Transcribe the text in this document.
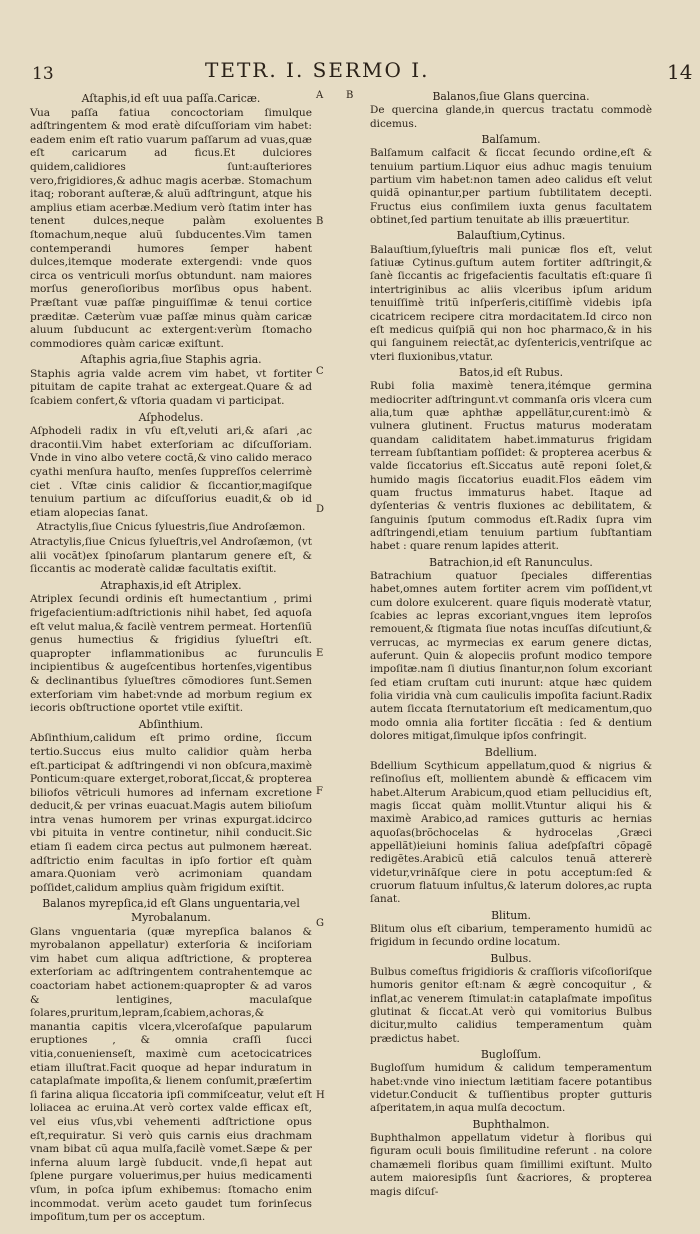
13	TETR. I. SERMO I.	14
A B
B
C
D
E
F
G
H
Aſtaphis,id eſt uua paſſa.Caricæ.

Vua paſſa fatiua concoctoriam ſimulque adſtringentem & mod eratè diſcuſſoriam vim habet: eadem enim eſt ratio vuarum paſſarum ad vuas,quæ eſt caricarum ad ficus.Et dulciores quidem,calidiores ſunt:auſteriores vero,frigidiores,& adhuc magis acerbæ. Stomachum itaq; roborant auſteræ,& aluũ adſtringunt, atque his amplius etiam acerbæ.Medium verò ſtatim inter has tenent dulces,neque palàm exoluentes ſtomachum,neque aluũ ſubducentes.Vim tamen contemperandi humores ſemper habent dulces,itemque moderate extergendi: vnde quos circa os ventriculi morſus obtundunt. nam maiores morſus generoſioribus morſibus opus habent. Præſtant vuæ paſſæ pinguiſſimæ & tenui cortice præditæ. Cæterùm vuæ paſſæ minus quàm caricæ aluum ſubducunt ac extergent:verùm ſtomacho commodiores quàm caricæ exiſtunt.

Aſtaphis agria,ſiue Staphis agria.

Staphis agria valde acrem vim habet, vt fortiter pituitam de capite trahat ac extergeat.Quare & ad ſcabiem confert,& vſtoria quadam vi participat.

Aſphodelus.

Aſphodeli radix in vſu eſt,veluti ari,& aſari ,ac dracontii.Vim habet exterſoriam ac diſcuſſoriam. Vnde in vino albo vetere coctã,& vino calido meraco cyathi menſura hauſto, menſes ſuppreſſos celerrimè ciet . Vſtæ cinis calidior & ſiccantior,magiſque tenuium partium ac diſcuſſorius euadit,& ob id etiam alopecias ſanat.

Atractylis,ſiue Cnicus ſyluestris,ſiue Androſæmon.

Atractylis,ſiue Cnicus ſylueſtris,vel Androſæmon, (vt alii vocãt)ex ſpinoſarum plantarum genere eſt, & ſiccantis ac moderatè calidæ facultatis exiſtit.

Atraphaxis,id eſt Atriplex.

Atriplex ſecundi ordinis eſt humectantium , primi frigefacientium:adſtrictionis nihil habet, ſed aquoſa eſt velut malua,& facilè ventrem permeat. Hortenſiũ genus humectius & frigidius ſylueſtri eſt. quapropter inflammationibus ac furunculis incipientibus & augeſcentibus hortenſes,vigentibus & declinantibus ſylueſtres cõmodiores ſunt.Semen exterſoriam vim habet:vnde ad morbum regium ex iecoris obſtructione oportet vtile exiſtit.

Abſinthium.

Abſinthium,calidum eſt primo ordine, ſiccum tertio.Succus eius multo calidior quàm herba eſt.participat & adſtringendi vi non obſcura,maximè Ponticum:quare exterget,roborat,ſiccat,& propterea biliofos vẽtriculi humores ad infernam excretione deducit,& per vrinas euacuat.Magis autem bilioſum intra venas humorem per vrinas expurgat.idcirco vbi pituita in ventre continetur, nihil conducit.Sic etiam ſi eadem circa pectus aut pulmonem hæreat. adſtrictio enim facultas in ipſo fortior eſt quàm amara.Quoniam verò acrimoniam quandam poſſidet,calidum amplius quàm frigidum exiſtit.

Balanos myrepſica,id eſt Glans unguentaria,vel Myrobalanum.

Glans vnguentaria (quæ myrepſica balanos & myrobalanon appellatur) exterſoria & inciſoriam vim habet cum aliqua adſtrictione, & propterea exterſoriam ac adſtringentem contrahentemque ac coactoriam habet actionem:quapropter & ad varos & lentigines, maculaſque ſolares,pruritum,lepram,ſcabiem,achoras,& manantia capitis vlcera,vlceroſaſque papularum eruptiones , & omnia craſſi ſucci vitia,conuenienseſt, maximè cum acetocicatrices etiam illuſtrat.Facit quoque ad hepar induratum in cataplaſmate impoſita,& lienem conſumit,præſertim ſi farina aliqua ſiccatoria ipſi commiſceatur, velut eſt loliacea ac eruina.At verò cortex valde efficax eſt, vel eius vſus,vbi vehementi adſtrictione opus eſt,requiratur. Si verò quis carnis eius drachmam vnam bibat cũ aqua mulſa,facilè vomet.Sæpe & per inferna aluum largè ſubducit. vnde,ſi hepat aut ſplene purgare voluerimus,per huius medicamenti vſum, in poſca ipſum exhibemus: ſtomacho enim incommodat. verùm aceto gaudet tum forinſecus impoſitum,tum per os acceptum.

Balanos,ſiue Glans quercina.

De quercina glande,in quercus tractatu commodè dicemus.

Balſamum.

Balſamum calfacit & ſiccat ſecundo ordine,eſt & tenuium partium.Liquor eius adhuc magis tenuium partium vim habet:non tamen adeo calidus eſt velut quidã opinantur,per partium ſubtilitatem decepti. Fructus eius conſimilem iuxta genus facultatem obtinet,ſed partium tenuitate ab illis præuertitur.

Balauſtium,Cytinus.

Balauſtium,ſylueſtris mali punicæ flos eſt, velut ſatiuæ Cytinus.guſtum autem fortiter adſtringit,& ſanè ſiccantis ac frigefacientis facultatis eſt:quare ſi intertriginibus ac aliis vlceribus ipſum aridum tenuiſſimè tritũ inſperſeris,citiſſimè videbis ipſa cicatricem recipere citra mordacitatem.Id circo non eſt medicus quiſpiã qui non hoc pharmaco,& in his qui ſanguinem reiectãt,ac dyſentericis,ventriſque ac vteri fluxionibus,vtatur.

Batos,id eſt Rubus.

Rubi folia maximè tenera,itémque germina mediocriter adſtringunt.vt commanſa oris vlcera cum alia,tum quæ aphthæ appellãtur,curent:imò & vulnera glutinent. Fructus maturus moderatam quandam caliditatem habet.immaturus frigidam terream ſubſtantiam poſſidet: & propterea acerbus & valde ſiccatorius eſt.Siccatus autẽ reponi ſolet,& humido magis ſiccatorius euadit.Flos eãdem vim quam fructus immaturus habet. Itaque ad dyſenterias & ventris fluxiones ac debilitatem, & ſanguinis ſputum commodus eſt.Radix ſupra vim adſtringendi,etiam tenuium partium ſubſtantiam habet : quare renum lapides atterit.

Batrachion,id eſt Ranunculus.

Batrachium quatuor ſpeciales differentias habet,omnes autem fortiter acrem vim poſſident,vt cum dolore exulcerent. quare ſiquis moderatè vtatur, ſcabies ac lepras excoriant,vngues item leproſos remouent,& ſtigmata ſiue notas incuſſas diſcutiunt,& verrucas, ac myrmecias ex earum genere dictas, auferunt. Quin & alopeciis profunt modico tempore impoſitæ.nam ſi diutius ſinantur,non ſolum excoriant ſed etiam cruſtam cuti inurunt: atque hæc quidem folia viridia vnà cum cauliculis impoſita faciunt.Radix autem ſiccata ſternutatorium eſt medicamentum,quo modo omnia alia fortiter ſiccãtia : ſed & dentium dolores mitigat,ſimulque ipſos confringit.

Bdellium.

Bdellium Scythicum appellatum,quod & nigrius & reſinoſius eſt, mollientem abundè & efficacem vim habet.Alterum Arabicum,quod etiam pellucidius eſt, magis ſiccat quàm mollit.Vtuntur aliqui his & maximè Arabico,ad ramices gutturis ac hernias aquoſas(brõchocelas & hydrocelas ,Græci appellãt)ieiuni hominis ſaliua adeſpſaſtri cõpagẽ redigẽtes.Arabicũ etiã calculos tenuã attererè videtur,vrinãſque ciere in potu acceptum:ſed & cruorum flatuum inſultus,& laterum dolores,ac rupta ſanat.

Blitum.

Blitum olus eſt cibarium, temperamento humidũ ac frigidum in ſecundo ordine locatum.

Bulbus.

Bulbus comeſtus frigidioris & craſſioris viſcoſioriſque humoris genitor eſt:nam & ægrè concoquitur , & inflat,ac venerem ſtimulat:in cataplaſmate impoſitus glutinat & ſiccat.At verò qui vomitorius Bulbus dicitur,multo calidius temperamentum quàm prædictus habet.

Bugloſſum.

Bugloſſum humidum & calidum temperamentum habet:vnde vino iniectum lætitiam facere potantibus videtur.Conducit & tuſſientibus propter gutturis aſperitatem,in aqua mulſa decoctum.

Buphthalmon.

Buphthalmon appellatum videtur à floribus qui figuram oculi bouis ſimilitudine referunt . na colore chamæmeli floribus quam ſimillimi exiſtunt. Multo autem maioresipſis ſunt &acriores, & propterea magis diſcuſ-
